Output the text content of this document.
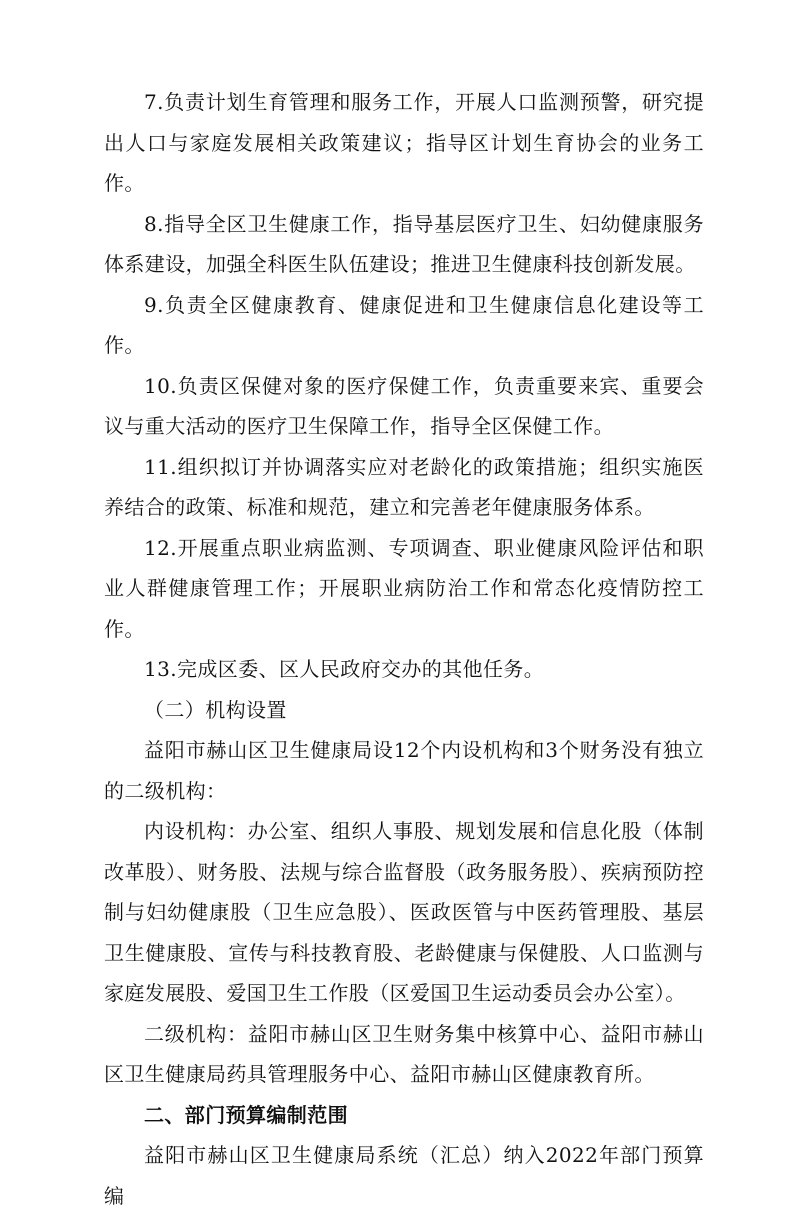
7.负责计划生育管理和服务工作，开展人口监测预警，研究提出人口与家庭发展相关政策建议；指导区计划生育协会的业务工作。

8.指导全区卫生健康工作，指导基层医疗卫生、妇幼健康服务体系建设，加强全科医生队伍建设；推进卫生健康科技创新发展。

9.负责全区健康教育、健康促进和卫生健康信息化建设等工作。

10.负责区保健对象的医疗保健工作，负责重要来宾、重要会议与重大活动的医疗卫生保障工作，指导全区保健工作。

11.组织拟订并协调落实应对老龄化的政策措施；组织实施医养结合的政策、标准和规范，建立和完善老年健康服务体系。

12.开展重点职业病监测、专项调查、职业健康风险评估和职业人群健康管理工作；开展职业病防治工作和常态化疫情防控工作。

13.完成区委、区人民政府交办的其他任务。

（二）机构设置

益阳市赫山区卫生健康局设12个内设机构和3个财务没有独立的二级机构：

内设机构：办公室、组织人事股、规划发展和信息化股（体制改革股）、财务股、法规与综合监督股（政务服务股）、疾病预防控制与妇幼健康股（卫生应急股）、医政医管与中医药管理股、基层卫生健康股、宣传与科技教育股、老龄健康与保健股、人口监测与家庭发展股、爱国卫生工作股（区爱国卫生运动委员会办公室）。

二级机构：益阳市赫山区卫生财务集中核算中心、益阳市赫山区卫生健康局药具管理服务中心、益阳市赫山区健康教育所。

二、部门预算编制范围

益阳市赫山区卫生健康局系统（汇总）纳入2022年部门预算编
